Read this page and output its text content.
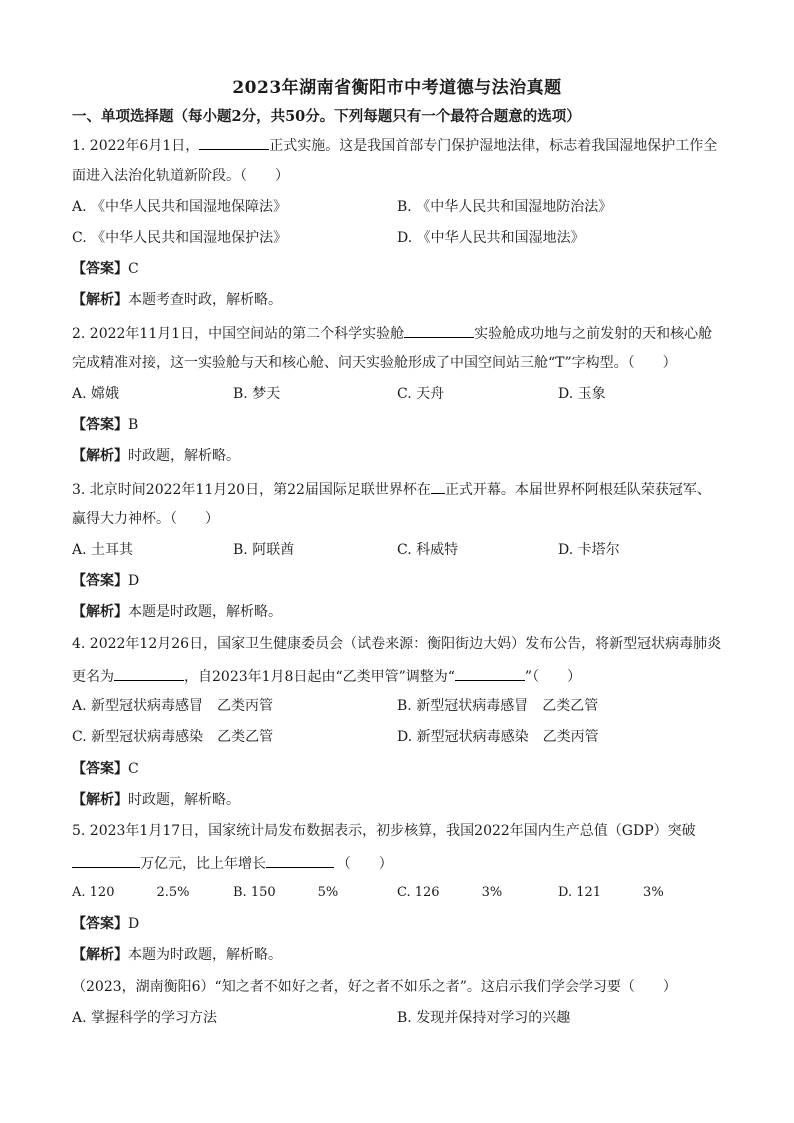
2023年湖南省衡阳市中考道德与法治真题
一、单项选择题（每小题2分，共50分。下列每题只有一个最符合题意的选项）
1. 2022年6月1日，	正式实施。这是我国首部专门保护湿地法律，标志着我国湿地保护工作全
面进入法治化轨道新阶段。（　　）
A. 《中华人民共和国湿地保障法》	B. 《中华人民共和国湿地防治法》
C. 《中华人民共和国湿地保护法》	D. 《中华人民共和国湿地法》
【答案】C
【解析】本题考查时政，解析略。
2. 2022年11月1日，中国空间站的第二个科学实验舱	实验舱成功地与之前发射的天和核心舱
完成精准对接，这一实验舱与天和核心舱、问天实验舱形成了中国空间站三舱“T”字构型。（　　）
A. 嫦娥	B. 梦天	C. 天舟	D. 玉象
【答案】B
【解析】时政题，解析略。
3. 北京时间2022年11月20日，第22届国际足联世界杯在 正式开幕。本届世界杯阿根廷队荣获冠军、
赢得大力神杯。（　　）
A. 土耳其	B. 阿联酋	C. 科威特	D. 卡塔尔
【答案】D
【解析】本题是时政题，解析略。
4. 2022年12月26日，国家卫生健康委员会（试卷来源：衡阳街边大妈）发布公告，将新型冠状病毒肺炎
更名为	，自2023年1月8日起由“乙类甲管”调整为“	”（　　）
A. 新型冠状病毒感冒　乙类丙管	B. 新型冠状病毒感冒　乙类乙管
C. 新型冠状病毒感染　乙类乙管	D. 新型冠状病毒感染　乙类丙管
【答案】C
【解析】时政题，解析略。
5. 2023年1月17日，国家统计局发布数据表示，初步核算，我国2022年国内生产总值（GDP）突破
万亿元，比上年增长 	（　　）
A. 120	2.5%	B. 150	5%	C. 126	3%	D. 121	3%
【答案】D
【解析】本题为时政题，解析略。
（2023，湖南衡阳6）“知之者不如好之者，好之者不如乐之者”。这启示我们学会学习要（　　）
A. 掌握科学的学习方法	B. 发现并保持对学习的兴趣
